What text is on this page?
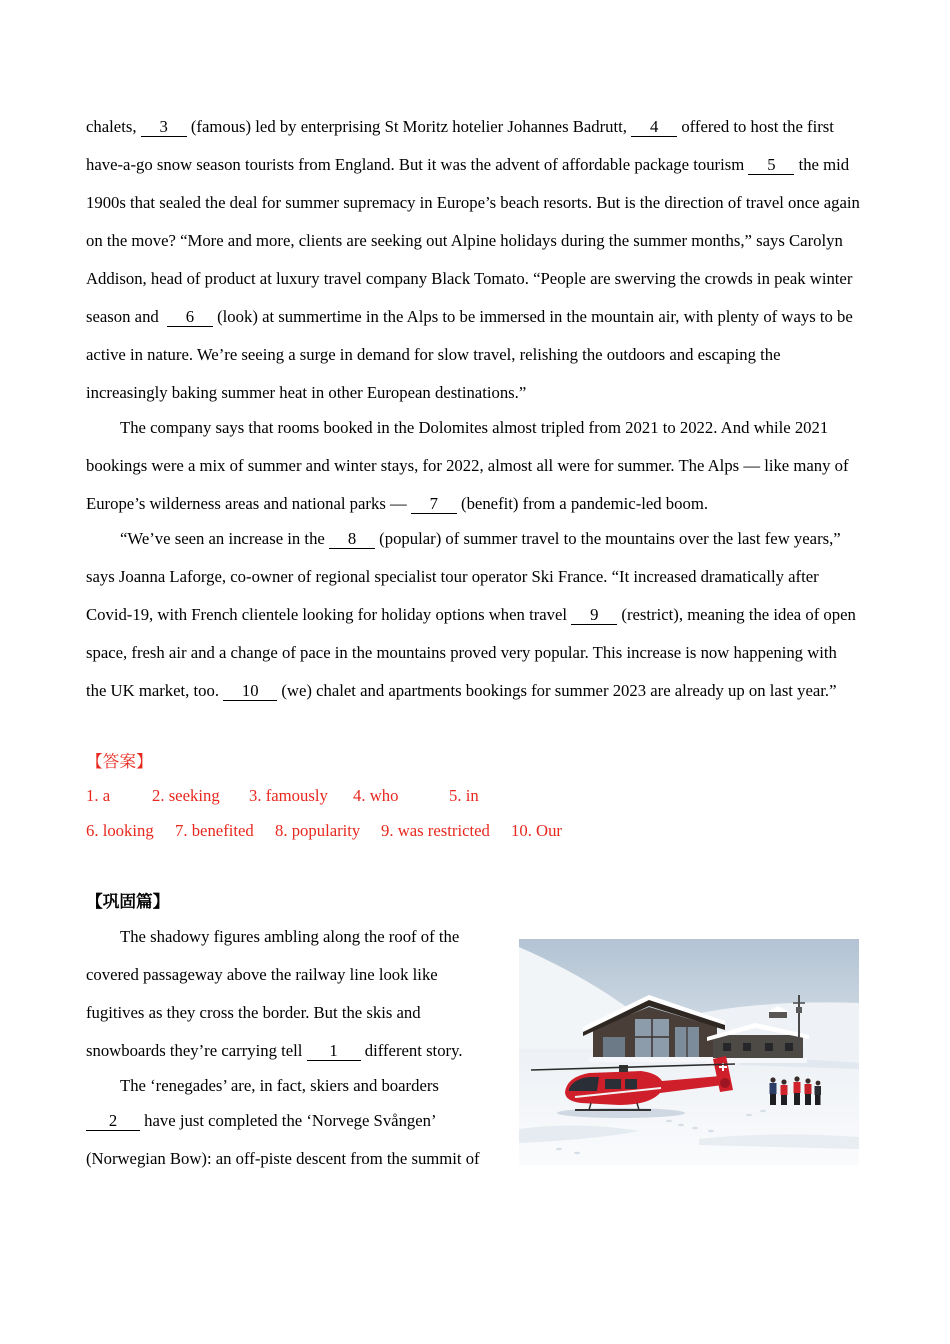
chalets, 3 (famous) led by enterprising St Moritz hotelier Johannes Badrutt, 4 offered to host the first
have-a-go snow season tourists from England. But it was the advent of affordable package tourism 5 the mid
1900s that sealed the deal for summer supremacy in Europe’s beach resorts. But is the direction of travel once again
on the move? “More and more, clients are seeking out Alpine holidays during the summer months,” says Carolyn
Addison, head of product at luxury travel company Black Tomato. “People are swerving the crowds in peak winter
season and 6 (look) at summertime in the Alps to be immersed in the mountain air, with plenty of ways to be
active in nature. We’re seeing a surge in demand for slow travel, relishing the outdoors and escaping the
increasingly baking summer heat in other European destinations.”
The company says that rooms booked in the Dolomites almost tripled from 2021 to 2022. And while 2021
bookings were a mix of summer and winter stays, for 2022, almost all were for summer. The Alps — like many of
Europe’s wilderness areas and national parks — 7 (benefit) from a pandemic-led boom.
“We’ve seen an increase in the 8 (popular) of summer travel to the mountains over the last few years,”
says Joanna Laforge, co-owner of regional specialist tour operator Ski France. “It increased dramatically after
Covid-19, with French clientele looking for holiday options when travel 9 (restrict), meaning the idea of open
space, fresh air and a change of pace in the mountains proved very popular. This increase is now happening with
the UK market, too. 10 (we) chalet and apartments bookings for summer 2023 are already up on last year.”
【答案】
1. a	2. seeking 3. famously 4. who	5. in
6. looking 7. benefited 8. popularity 9. was restricted 10. Our
【巩固篇】
The shadowy figures ambling along the roof of the
covered passageway above the railway line look like
fugitives as they cross the border. But the skis and
snowboards they’re carrying tell 1 different story.
The ‘renegades’ are, in fact, skiers and boarders
2 have just completed the ‘Norvege Svången’
(Norwegian Bow): an off-piste descent from the summit of
